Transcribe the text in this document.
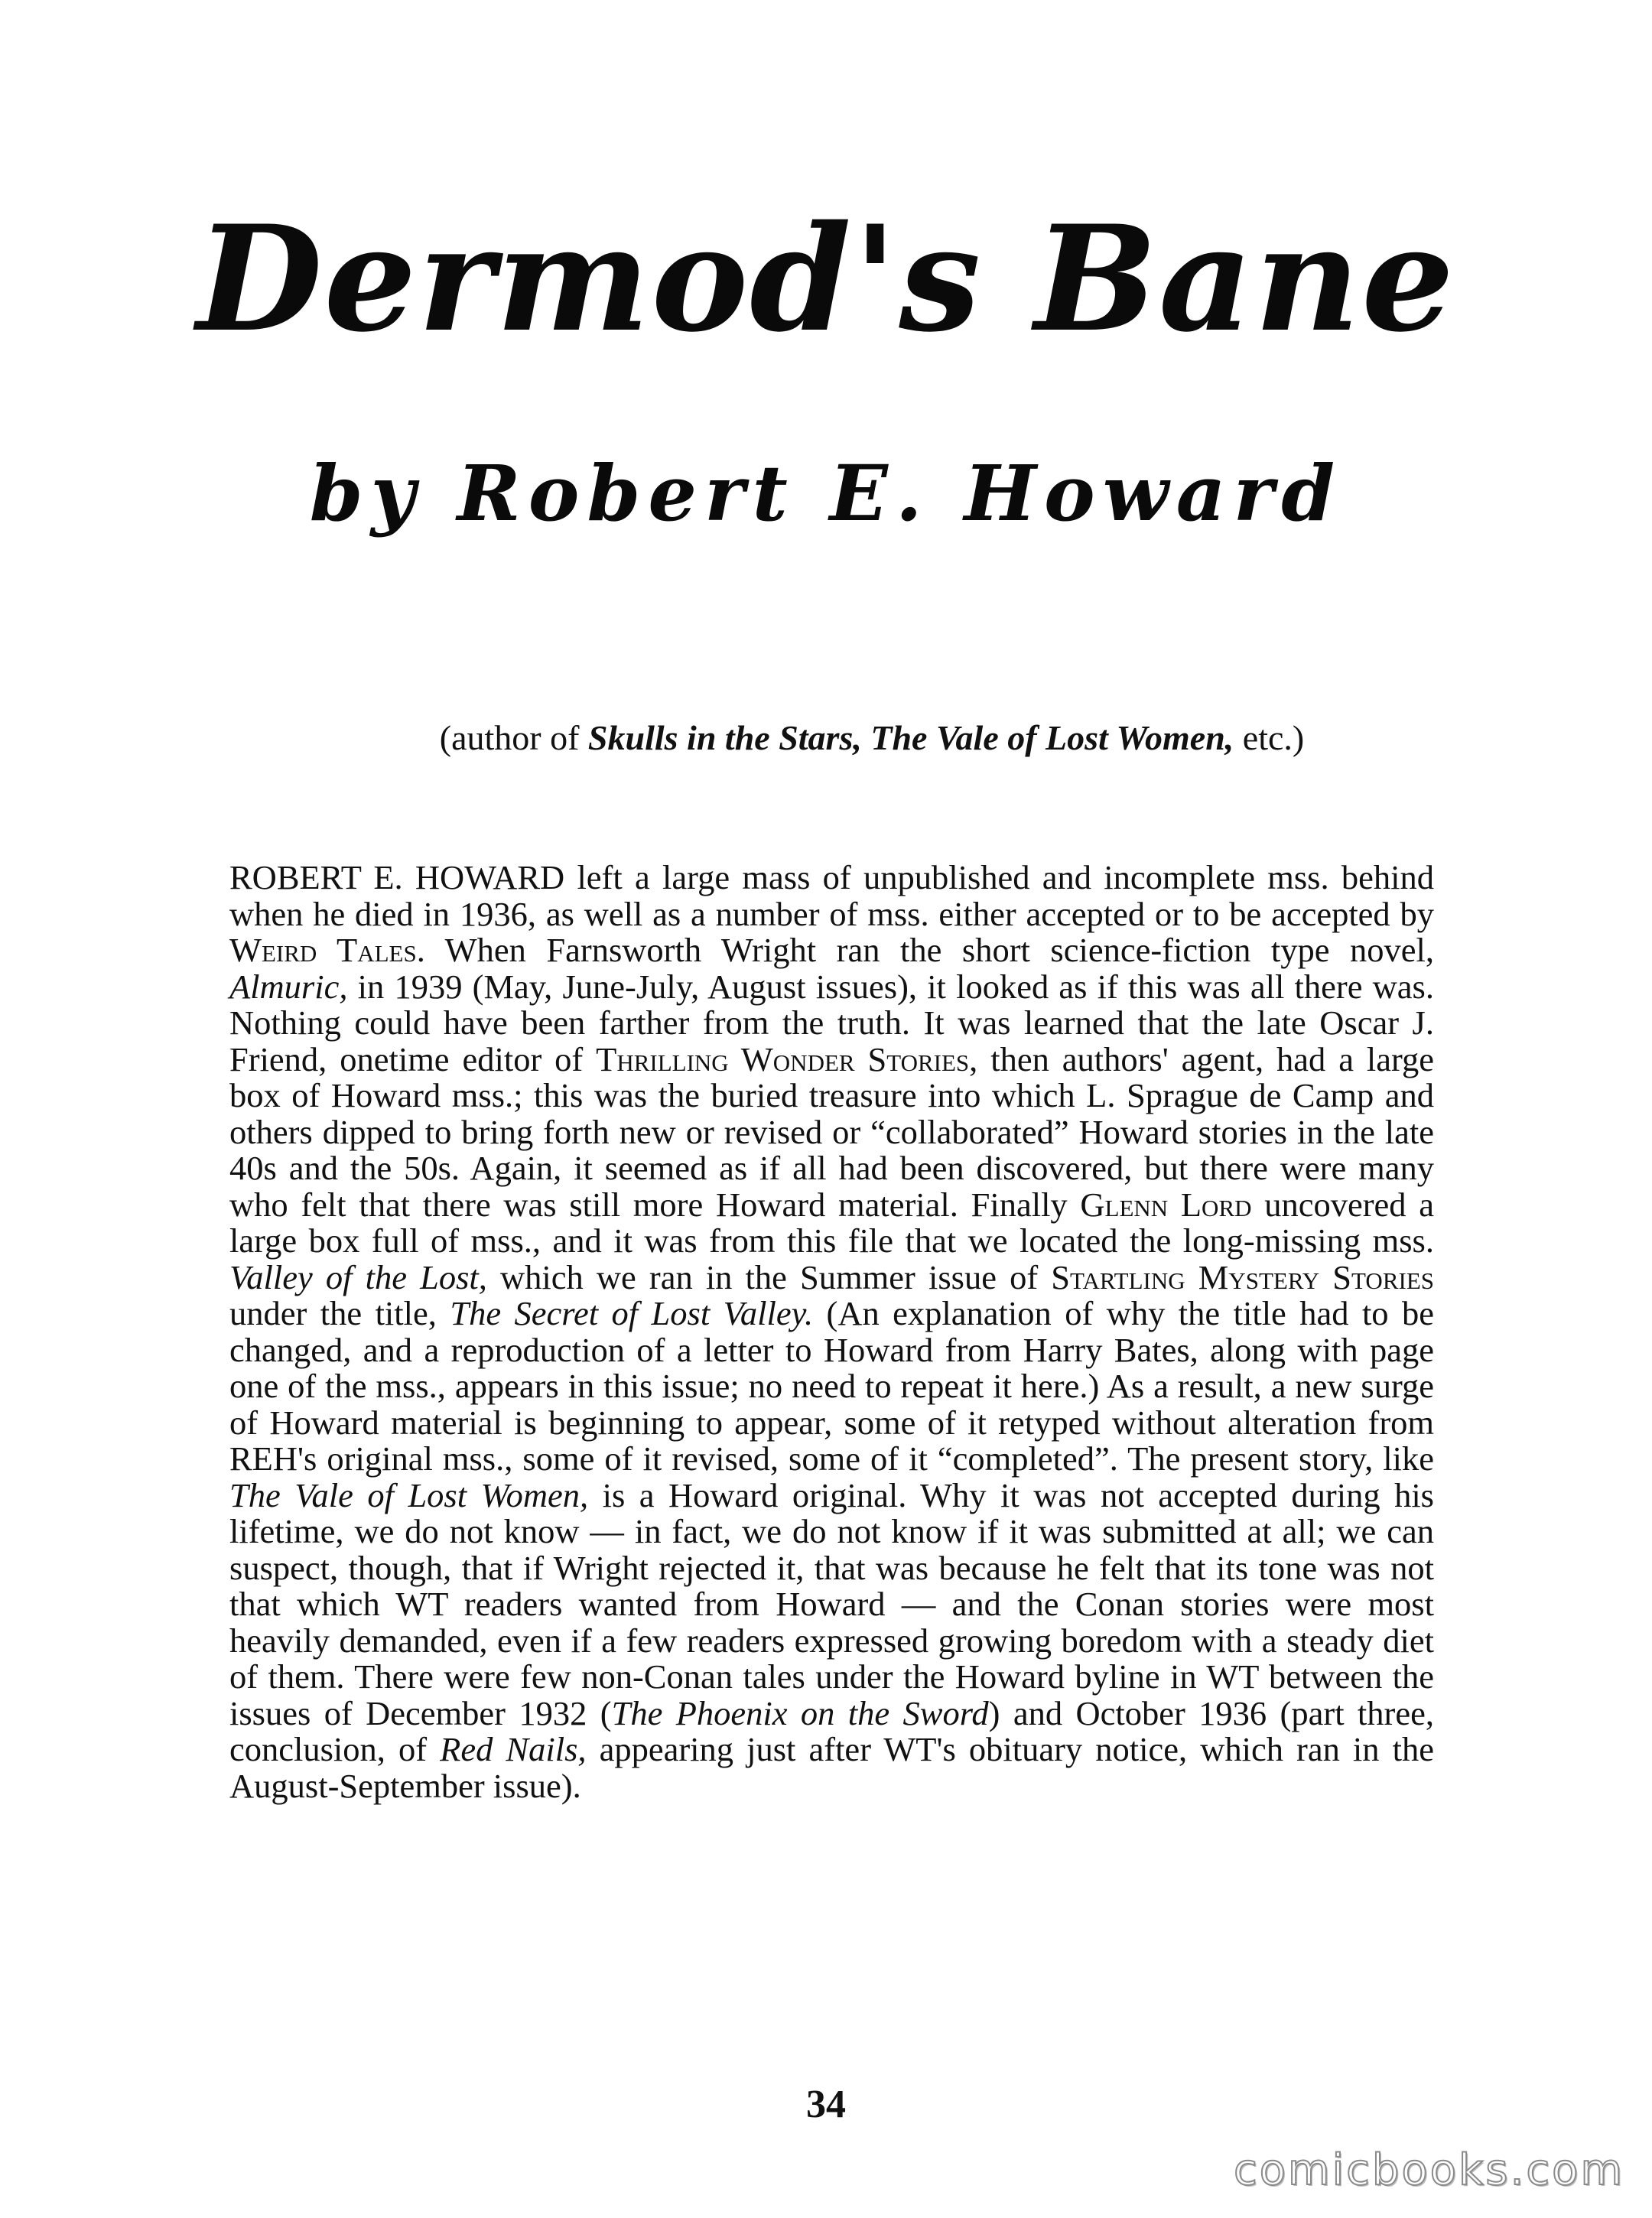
Dermod's Bane
by Robert E. Howard
(author of Skulls in the Stars, The Vale of Lost Women, etc.)
ROBERT E. HOWARD left a large mass of unpublished and incomplete mss. behind when he died in 1936, as well as a number of mss. either accepted or to be accepted by Weird Tales. When Farnsworth Wright ran the short science-fiction type novel, Almuric, in 1939 (May, June-July, August issues), it looked as if this was all there was. Nothing could have been farther from the truth. It was learned that the late Oscar J. Friend, onetime editor of Thrilling Wonder Stories, then authors' agent, had a large box of Howard mss.; this was the buried treasure into which L. Sprague de Camp and others dipped to bring forth new or revised or “collaborated” Howard stories in the late 40s and the 50s. Again, it seemed as if all had been discovered, but there were many who felt that there was still more Howard material. Finally Glenn Lord uncovered a large box full of mss., and it was from this file that we located the long-missing mss. Valley of the Lost, which we ran in the Summer issue of Startling Mystery Stories under the title, The Secret of Lost Valley. (An explanation of why the title had to be changed, and a reproduction of a letter to Howard from Harry Bates, along with page one of the mss., appears in this issue; no need to repeat it here.) As a result, a new surge of Howard material is beginning to appear, some of it retyped without alteration from REH's original mss., some of it revised, some of it “completed”. The present story, like The Vale of Lost Women, is a Howard original. Why it was not accepted during his lifetime, we do not know — in fact, we do not know if it was submitted at all; we can suspect, though, that if Wright rejected it, that was because he felt that its tone was not that which WT readers wanted from Howard — and the Conan stories were most heavily demanded, even if a few readers expressed growing boredom with a steady diet of them. There were few non-Conan tales under the Howard byline in WT between the issues of December 1932 (The Phoenix on the Sword) and October 1936 (part three, conclusion, of Red Nails, appearing just after WT's obituary notice, which ran in the August-September issue).
34
comicbooks.com
